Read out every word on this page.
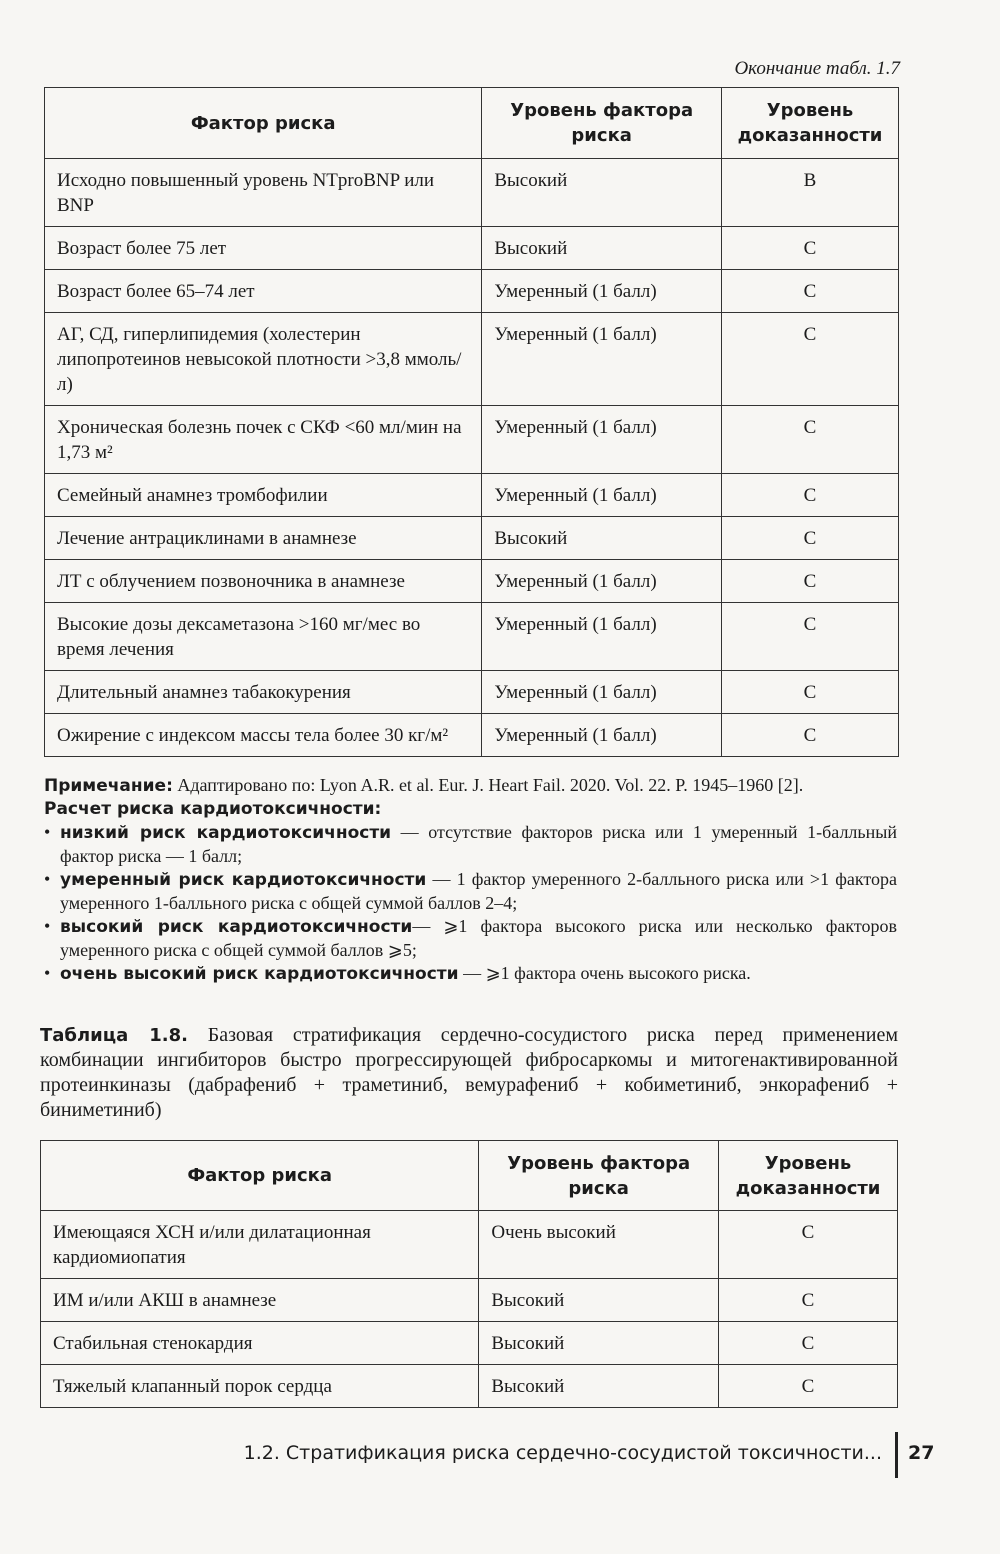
Окончание табл. 1.7
Фактор риска	Уровень фактора риска	Уровень доказанности
Исходно повышенный уровень NTproBNP или BNP	Высокий	B
Возраст более 75 лет	Высокий	C
Возраст более 65–74 лет	Умеренный (1 балл)	C
АГ, СД, гиперлипидемия (холестерин липопротеинов невысокой плотности >3,8 ммоль/л)	Умеренный (1 балл)	C
Хроническая болезнь почек с СКФ <60 мл/мин на 1,73 м²	Умеренный (1 балл)	C
Семейный анамнез тромбофилии	Умеренный (1 балл)	C
Лечение антрациклинами в анамнезе	Высокий	C
ЛТ с облучением позвоночника в анамнезе	Умеренный (1 балл)	C
Высокие дозы дексаметазона >160 мг/мес во время лечения	Умеренный (1 балл)	C
Длительный анамнез табакокурения	Умеренный (1 балл)	C
Ожирение с индексом массы тела более 30 кг/м²	Умеренный (1 балл)	C

Примечание: Адаптировано по: Lyon A.R. et al. Eur. J. Heart Fail. 2020. Vol. 22. P. 1945–1960 [2].

Расчет риска кардиотоксичности:

• низкий риск кардиотоксичности — отсутствие факторов риска или 1 умеренный 1-балльный фактор риска — 1 балл;
• умеренный риск кардиотоксичности — 1 фактор умеренного 2-балльного риска или >1 фактора умеренного 1-балльного риска с общей суммой баллов 2–4;
• высокий риск кардиотоксичности— ⩾1 фактора высокого риска или несколько факторов умеренного риска с общей суммой баллов ⩾5;
• очень высокий риск кардиотоксичности — ⩾1 фактора очень высокого риска.
Таблица 1.8. Базовая стратификация сердечно-сосудистого риска перед применением комбинации ингибиторов быстро прогрессирующей фибросаркомы и митогенактивированной протеинкиназы (дабрафениб + траметиниб, вемурафениб + кобиметиниб, энкорафениб + биниметиниб)
Фактор риска	Уровень фактора риска	Уровень доказанности
Имеющаяся ХСН и/или дилатационная кардиомиопатия	Очень высокий	C
ИМ и/или АКШ в анамнезе	Высокий	C
Стабильная стенокардия	Высокий	C
Тяжелый клапанный порок сердца	Высокий	C
1.2. Стратификация риска сердечно-сосудистой токсичности... 27
